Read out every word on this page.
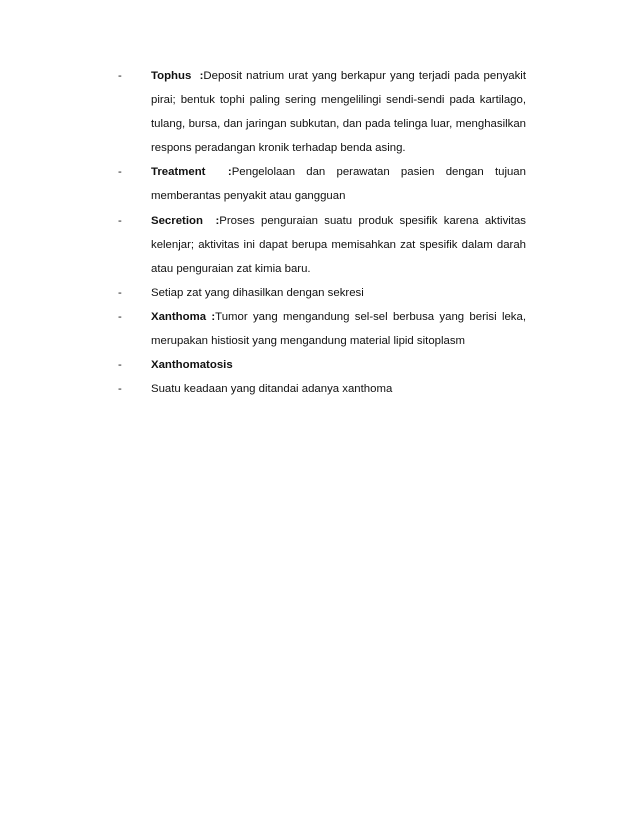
-	Tophus :Deposit natrium urat yang berkapur yang terjadi pada penyakit pirai; bentuk tophi paling sering mengelilingi sendi-sendi pada kartilago, tulang, bursa, dan jaringan subkutan, dan pada telinga luar, menghasilkan respons peradangan kronik terhadap benda asing.
-	Treatment :Pengelolaan dan perawatan pasien dengan tujuan memberantas penyakit atau gangguan
-	Secretion :Proses penguraian suatu produk spesifik karena aktivitas kelenjar; aktivitas ini dapat berupa memisahkan zat spesifik dalam darah atau penguraian zat kimia baru.
-	Setiap zat yang dihasilkan dengan sekresi
-	Xanthoma :Tumor yang mengandung sel-sel berbusa yang berisi leka, merupakan histiosit yang mengandung material lipid sitoplasm
-	Xanthomatosis
-	Suatu keadaan yang ditandai adanya xanthoma
